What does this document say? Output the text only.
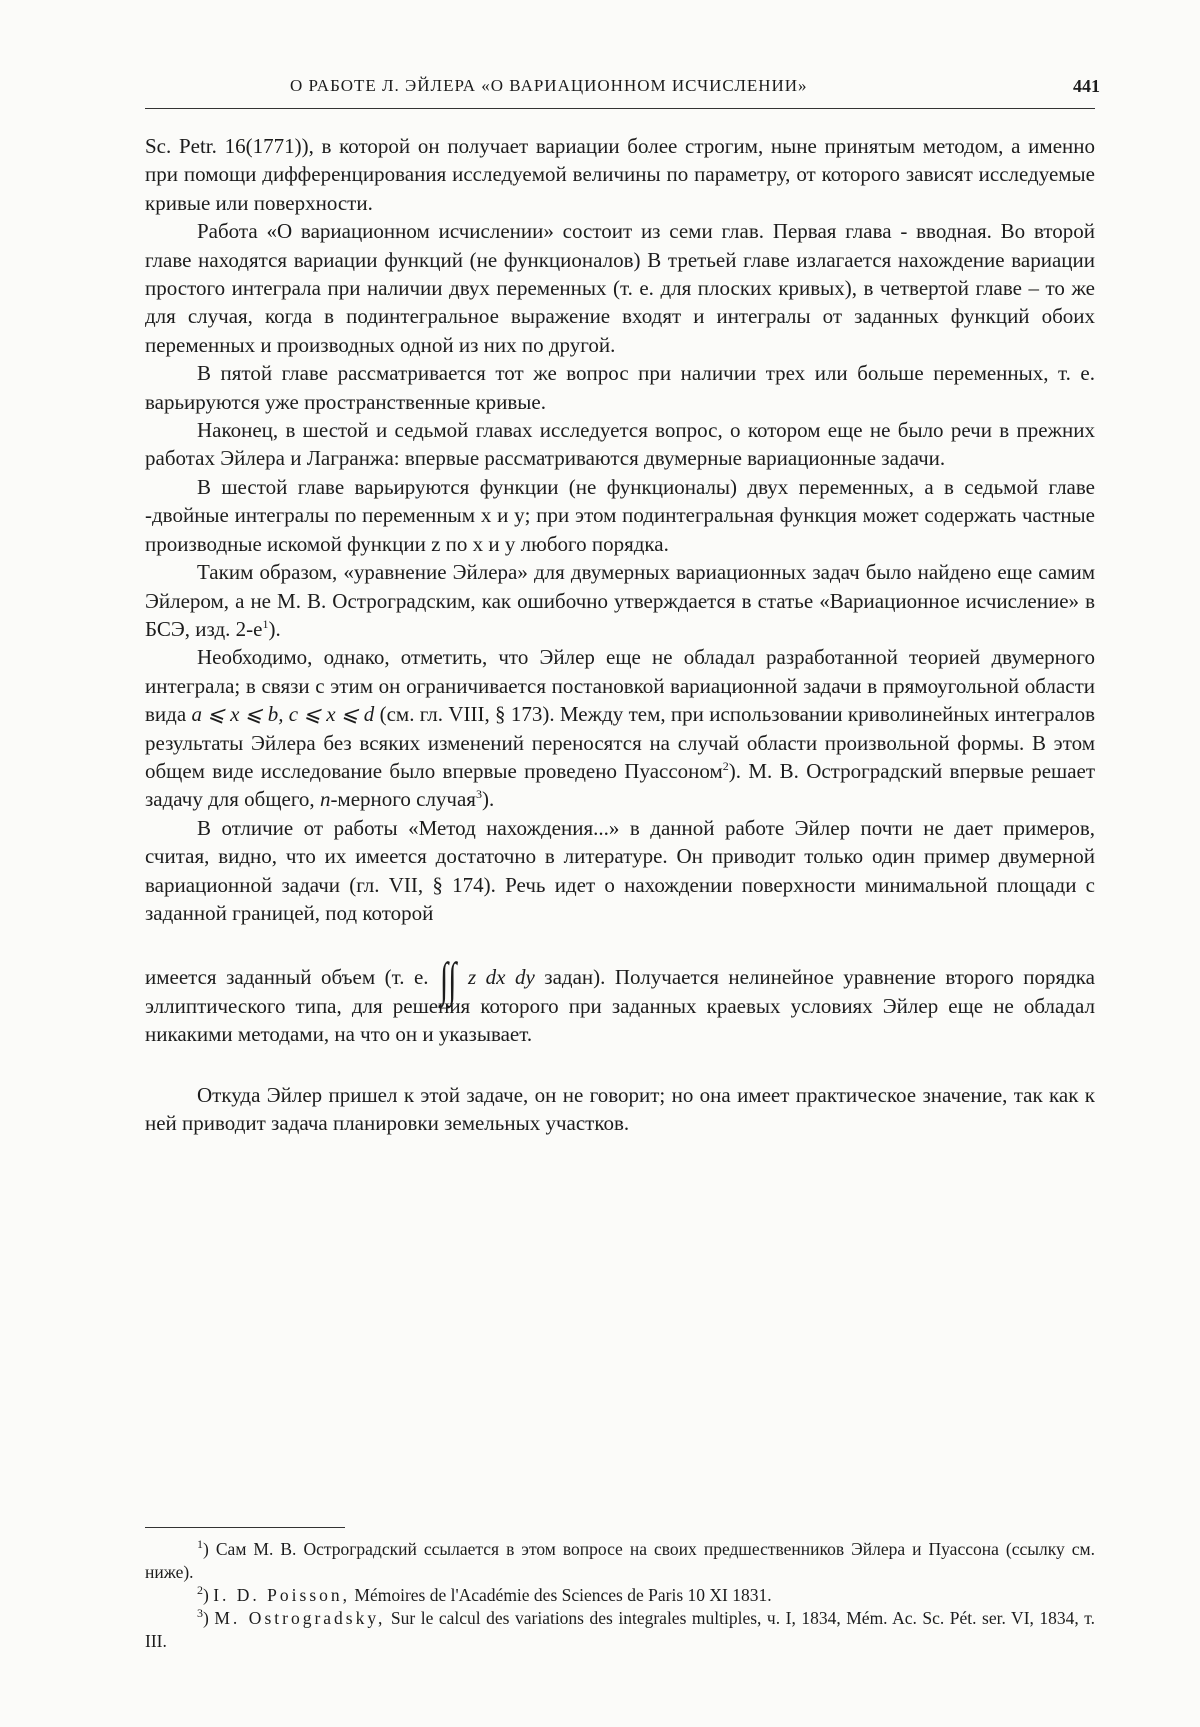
О РАБОТЕ Л. ЭЙЛЕРА «О ВАРИАЦИОННОМ ИСЧИСЛЕНИИ»	441

Sc. Petr. 16(1771)), в которой он получает вариации более строгим, ныне принятым методом, а именно при помощи дифференцирования исследуемой величины по параметру, от которого зависят исследуемые кривые или поверхности.

Работа «О вариационном исчислении» состоит из семи глав. Первая глава - вводная. Во второй главе находятся вариации функций (не функционалов) В третьей главе излагается нахождение вариации простого интеграла при наличии двух переменных (т. е. для плоских кривых), в четвертой главе – то же для случая, когда в подинтегральное выражение входят и интегралы от заданных функций обоих переменных и производных одной из них по другой.

В пятой главе рассматривается тот же вопрос при наличии трех или больше переменных, т. е. варьируются уже пространственные кривые.

Наконец, в шестой и седьмой главах исследуется вопрос, о котором еще не было речи в прежних работах Эйлера и Лагранжа: впервые рассматриваются двумерные вариационные задачи.

В шестой главе варьируются функции (не функционалы) двух переменных, а в седьмой главе -двойные интегралы по переменным x и y; при этом подинтегральная функция может содержать частные производные искомой функции z по x и y любого порядка.

Таким образом, «уравнение Эйлера» для двумерных вариационных задач было найдено еще самим Эйлером, а не М. В. Остроградским, как ошибочно утверждается в статье «Вариационное исчисление» в БСЭ, изд. $2-е^1$).

Необходимо, однако, отметить, что Эйлер еще не обладал разработанной теорией двумерного интеграла; в связи с этим он ограничивается постановкой вариационной задачи в прямоугольной области вида a ⩽ x ⩽ b, c ⩽ x ⩽ d (см. гл. VIII, § 173). Между тем, при использовании криволинейных интегралов результаты Эйлера без всяких изменений переносятся на случай области произвольной формы. В этом общем виде исследование было впервые проведено Пуассоном$^2$). М. В. Остроградский впервые решает задачу для общего, n-мерного случая$^3$).

В отличие от работы «Метод нахождения...» в данной работе Эйлер почти не дает примеров, считая, видно, что их имеется достаточно в литературе. Он приводит только один пример двумерной вариационной задачи (гл. VII, § 174). Речь идет о нахождении поверхности минимальной площади с заданной границей, под которой

имеется заданный объем (т. е. ∫∫ z dx dy задан). Получается нелинейное уравнение второго порядка эллиптического типа, для решения которого при заданных краевых условиях Эйлер еще не обладал никакими методами, на что он и указывает.

Откуда Эйлер пришел к этой задаче, он не говорит; но она имеет практическое значение, так как к ней приводит задача планировки земельных участков.

$^1$) Сам М. В. Остроградский ссылается в этом вопросе на своих предшественников Эйлера и Пуассона (ссылку см. ниже).

$^2$) I. D. Poisson, Mémoires de l'Académie des Sciences de Paris 10 XI 1831.

$^3$) M. Ostrogradsky, Sur le calcul des variations des integrales multiples, ч. I, 1834, Mém. Ac. Sc. Pét. ser. VI, 1834, т. III.
